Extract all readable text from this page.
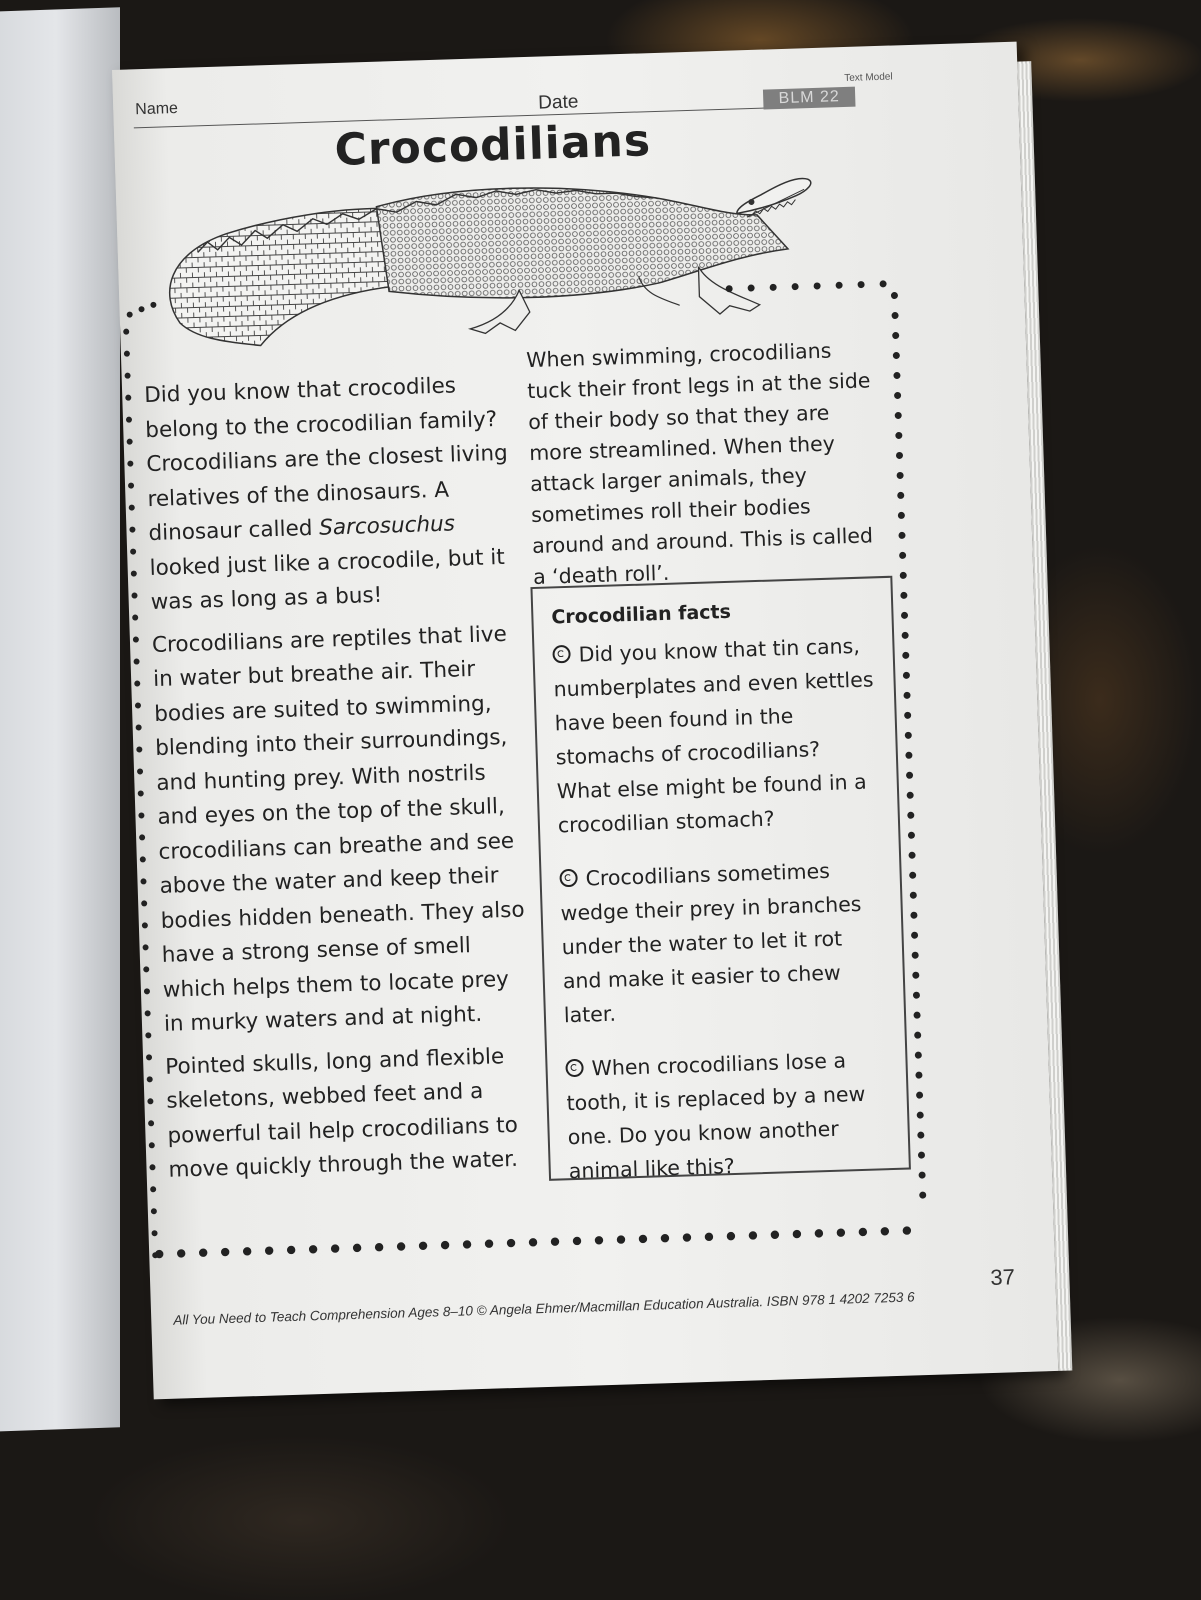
Name	Date
Text Model
BLM 22
Crocodilians

Did you know that crocodiles belong to the crocodilian family? Crocodilians are the closest living relatives of the dinosaurs. A dinosaur called Sarcosuchus looked just like a crocodile, but it was as long as a bus!

Crocodilians are reptiles that live in water but breathe air. Their bodies are suited to swimming, blending into their surroundings, and hunting prey. With nostrils and eyes on the top of the skull, crocodilians can breathe and see above the water and keep their bodies hidden beneath. They also have a strong sense of smell which helps them to locate prey in murky waters and at night.

Pointed skulls, long and flexible skeletons, webbed feet and a powerful tail help crocodilians to move quickly through the water.

When swimming, crocodilians tuck their front legs in at the side of their body so that they are more streamlined. When they attack larger animals, they sometimes roll their bodies around and around. This is called a ‘death roll’.

Crocodilian facts
Did you know that tin cans, numberplates and even kettles have been found in the stomachs of crocodilians? What else might be found in a crocodilian stomach?
Crocodilians sometimes wedge their prey in branches under the water to let it rot and make it easier to chew later.
When crocodilians lose a tooth, it is replaced by a new one. Do you know another animal like this?
All You Need to Teach Comprehension Ages 8–10 © Angela Ehmer/Macmillan Education Australia. ISBN 978 1 4202 7253 6
37
